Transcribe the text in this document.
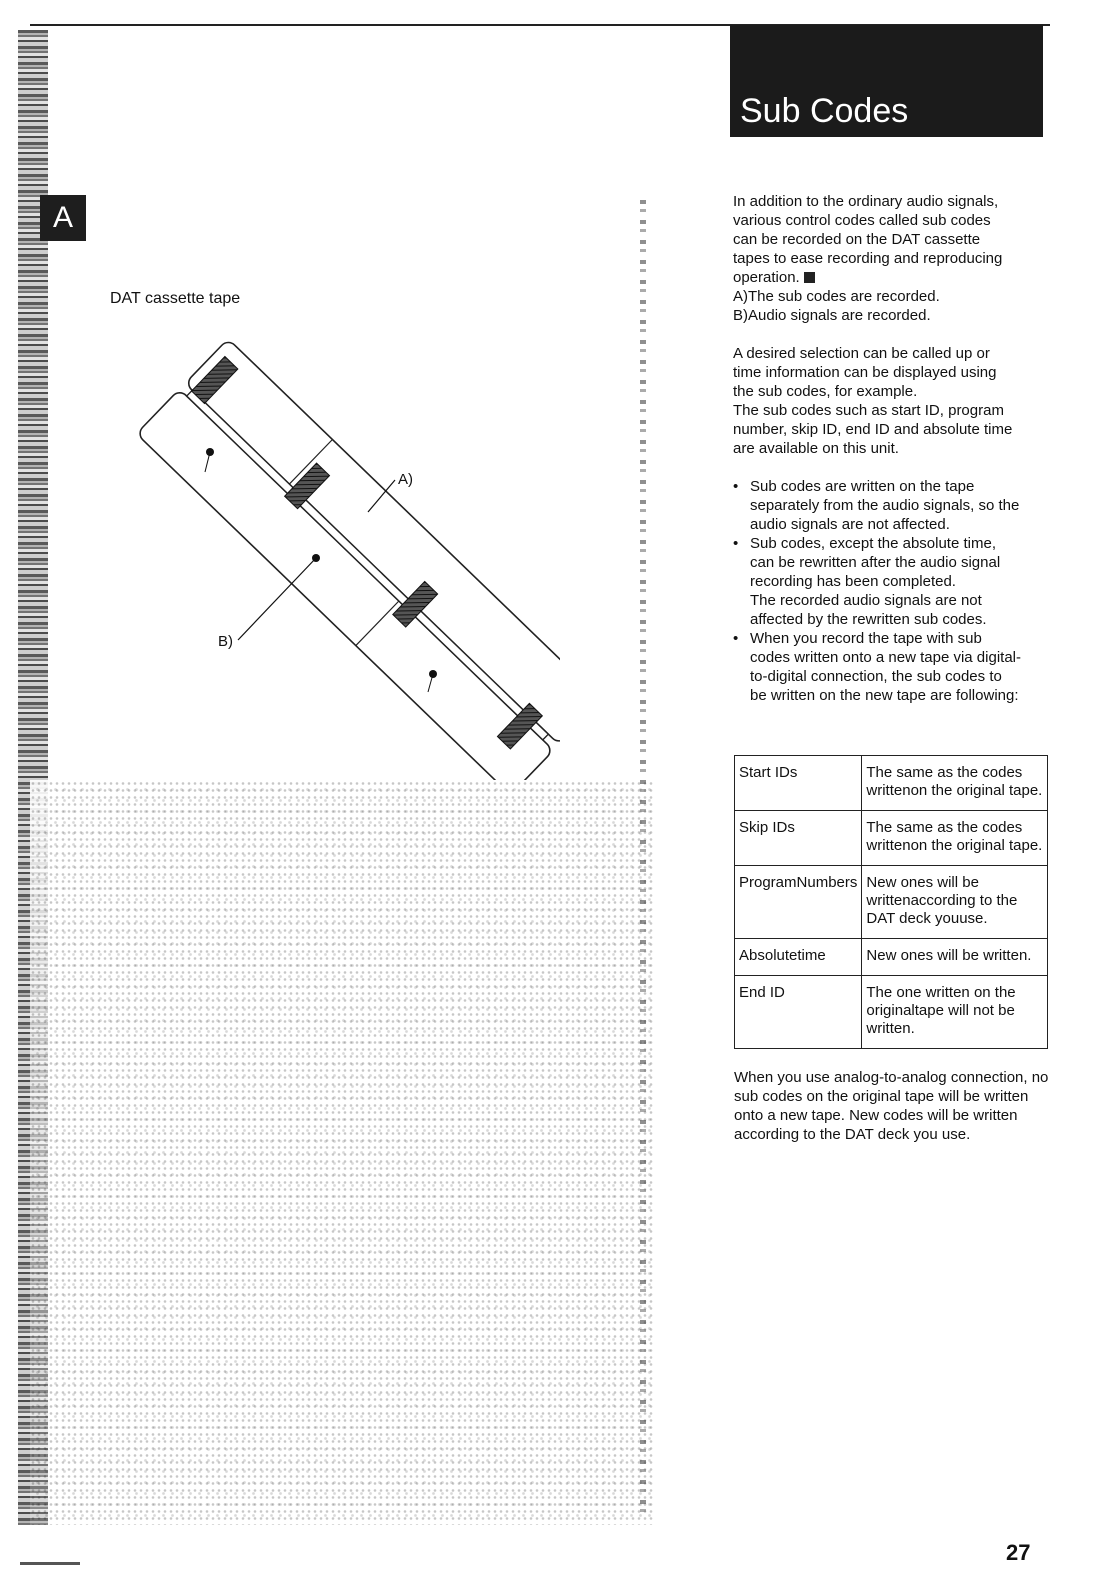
A
DAT cassette tape
A)
B)
Sub Codes

In addition to the ordinary audio signals,
various control codes called sub codes
can be recorded on the DAT cassette
tapes to ease recording and reproducing
operation.
A)The sub codes are recorded.
B)Audio signals are recorded.

A desired selection can be called up or
time information can be displayed using
the sub codes, for example.
The sub codes such as start ID, program
number, skip ID, end ID and absolute time
are available on this unit.

• Sub codes are written on the tape
separately from the audio signals, so the
audio signals are not affected.
• Sub codes, except the absolute time,
can be rewritten after the audio signal
recording has been completed.
The recorded audio signals are not
affected by the rewritten sub codes.
• When you record the tape with sub
codes written onto a new tape via digital-
to-digital connection, the sub codes to
be written on the new tape are following:
Start IDs	The same as the codes writtenon the original tape.
Skip IDs	The same as the codes writtenon the original tape.
ProgramNumbers	New ones will be writtenaccording to the DAT deck youuse.
Absolutetime	New ones will be written.
End ID	The one written on the originaltape will not be written.
When you use analog-to-analog connection, no sub codes on the original tape will be written onto a new tape. New codes will be written according to the DAT deck you use.
27
